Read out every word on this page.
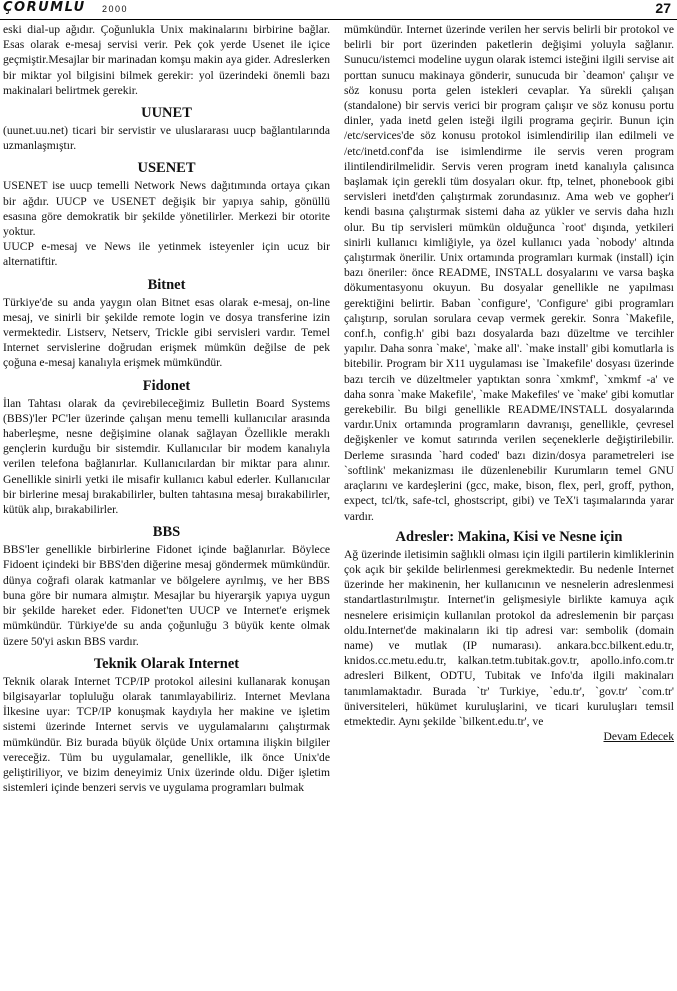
ÇORUMLU 2000	27

eski dial-up ağıdır. Çoğunlukla Unix makinalarını birbirine bağlar. Esas olarak e-mesaj servisi verir. Pek çok yerde Usenet ile içice geçmiştir.Mesajlar bir marinadan komşu makin aya gider. Adreslerken bir miktar yol bilgisini bilmek gerekir: yol üzerindeki önemli bazı makinalari belirtmek gerekir.

UUNET

(uunet.uu.net) ticari bir servistir ve uluslararası uucp bağlantılarında uzmanlaşmıştır.

USENET

USENET ise uucp temelli Network News dağıtımında ortaya çıkan bir ağdır. UUCP ve USENET değişik bir yapıya sahip, gönüllü esasına göre demokratik bir şekilde yönetilirler. Merkezi bir otorite yoktur.

UUCP e-mesaj ve News ile yetinmek isteyenler için ucuz bir alternatiftir.

Bitnet

Türkiye'de su anda yaygın olan Bitnet esas olarak e-mesaj, on-line mesaj, ve sinirli bir şekilde remote login ve dosya transferine izin vermektedir. Listserv, Netserv, Trickle gibi servisleri vardır. Temel Internet servislerine doğrudan erişmek mümkün değilse de pek çoğuna e-mesaj kanalıyla erişmek mümkündür.

Fidonet

İlan Tahtası olarak da çevirebileceğimiz Bulletin Board Systems (BBS)'ler PC'ler üzerinde çalışan menu temelli kullanıcılar arasında haberleşme, nesne değişimine olanak sağlayan Özellikle meraklı gençlerin kurduğu bir sistemdir. Kullanıcılar bir modem kanalıyla verilen telefona bağlanırlar. Kullanıcılardan bir miktar para alınır. Genellikle sinirli yetki ile misafir kullanıcı kabul ederler. Kullanıcılar bir birlerine mesaj bırakabilirler, bulten tahtasına mesaj bırakabilirler, kütük alıp, bırakabilirler.

BBS

BBS'ler genellikle birbirlerine Fidonet içinde bağlanırlar. Böylece Fidoent içindeki bir BBS'den diğerine mesaj göndermek mümkündür. dünya coğrafi olarak katmanlar ve bölgelere ayrılmış, ve her BBS buna göre bir numara almıştır. Mesajlar bu hiyerarşik yapıya uygun bir şekilde hareket eder. Fidonet'ten UUCP ve Internet'e erişmek mümkündür. Türkiye'de su anda çoğunluğu 3 büyük kente olmak üzere 50'yi askın BBS vardır.

Teknik Olarak Internet

Teknik olarak Internet TCP/IP protokol ailesini kullanarak konuşan bilgisayarlar topluluğu olarak tanımlayabiliriz. Internet Mevlana İlkesine uyar: TCP/IP konuşmak kaydıyla her makine ve işletim sistemi üzerinde Internet servis ve uygulamalarını çalıştırmak mümkündür. Biz burada büyük ölçüde Unix ortamına ilişkin bilgiler vereceğiz. Tüm bu uygulamalar, genellikle, ilk önce Unix'de geliştiriliyor, ve bizim deneyimiz Unix üzerinde oldu. Diğer işletim sistemleri içinde benzeri servis ve uygulama programları bulmak

mümkündür. Internet üzerinde verilen her servis belirli bir protokol ve belirli bir port üzerinden paketlerin değişimi yoluyla sağlanır. Sunucu/istemci modeline uygun olarak istemci isteğini ilgili servise ait porttan sunucu makinaya gönderir, sunucuda bir `deamon' çalışır ve söz konusu porta gelen istekleri cevaplar. Ya sürekli çalışan (standalone) bir servis verici bir program çalışır ve söz konusu portu dinler, yada inetd gelen isteği ilgili programa geçirir. Bunun için /etc/services'de söz konusu protokol isimlendirilip ilan edilmeli ve /etc/inetd.conf'da ise isimlendirme ile servis veren program ilintilendirilmelidir. Servis veren program inetd kanalıyla çalısınca başlamak için gerekli tüm dosyaları okur. ftp, telnet, phonebook gibi servisleri inetd'den çalıştırmak zorundasınız. Ama web ve gopher'i kendi basına çalıştırmak sistemi daha az yükler ve servis daha hızlı olur. Bu tip servisleri mümkün olduğunca `root' dışında, yetkileri sinirli kullanıcı kimliğiyle, ya özel kullanıcı yada `nobody' altında çalıştırmak önerilir. Unix ortamında programları kurmak (install) için bazı öneriler: önce README, INSTALL dosyalarını ve varsa başka dökumentasyonu okuyun. Bu dosyalar genellikle ne yapılması gerektiğini belirtir. Baban `configure', 'Configure' gibi programları çalıştırıp, sorulan sorulara cevap vermek gerekir. Sonra `Makefile, conf.h, config.h' gibi bazı dosyalarda bazı düzeltme ve tercihler yapılır. Daha sonra `make', `make all'. `make install' gibi komutlarla is bitebilir. Program bir X11 uygulaması ise `Imakefile' dosyası üzerinde bazı tercih ve düzeltmeler yaptıktan sonra `xmkmf', `xmkmf -a' ve daha sonra `make Makefile', `make Makefiles' ve `make' gibi komutlar gerekebilir. Bu bilgi genellikle README/INSTALL dosyalarında vardır.Unix ortamında programların davranışı, genellikle, çevresel değişkenler ve komut satırında verilen seçeneklerle değiştirilebilir. Derleme sırasında `hard coded' bazı dizin/dosya parametreleri ise `softlink' mekanizması ile düzenlenebilir Kurumların temel GNU araçlarını ve kardeşlerini (gcc, make, bison, flex, perl, groff, python, expect, tcl/tk, safe-tcl, ghostscript, gibi) ve TeX'i taşımalarında yarar vardır.

Adresler: Makina, Kisi ve Nesne için

Ağ üzerinde iletisimin sağlıkli olması için ilgili partilerin kimliklerinin çok açık bir şekilde belirlenmesi gerekmektedir. Bu nedenle Internet üzerinde her makinenin, her kullanıcının ve nesnelerin adreslenmesi standartlastırılmıştır. Internet'in gelişmesiyle birlikte kamuya açık nesnelere erisimiçin kullanılan protokol da adreslemenin bir parçası oldu.Internet'de makinaların iki tip adresi var: sembolik (domain name) ve mutlak (IP numarası). ankara.bcc.bilkent.edu.tr, knidos.cc.metu.edu.tr, kalkan.tetm.tubitak.gov.tr, apollo.info.com.tr adresleri Bilkent, ODTU, Tubitak ve Info'da ilgili makinaları tanımlamaktadır. Burada `tr' Turkiye, `edu.tr', `gov.tr' `com.tr' üniversiteleri, hükümet kuruluşlarini, ve ticari kuruluşları temsil etmektedir. Aynı şekilde `bilkent.edu.tr', ve

Devam Edecek
